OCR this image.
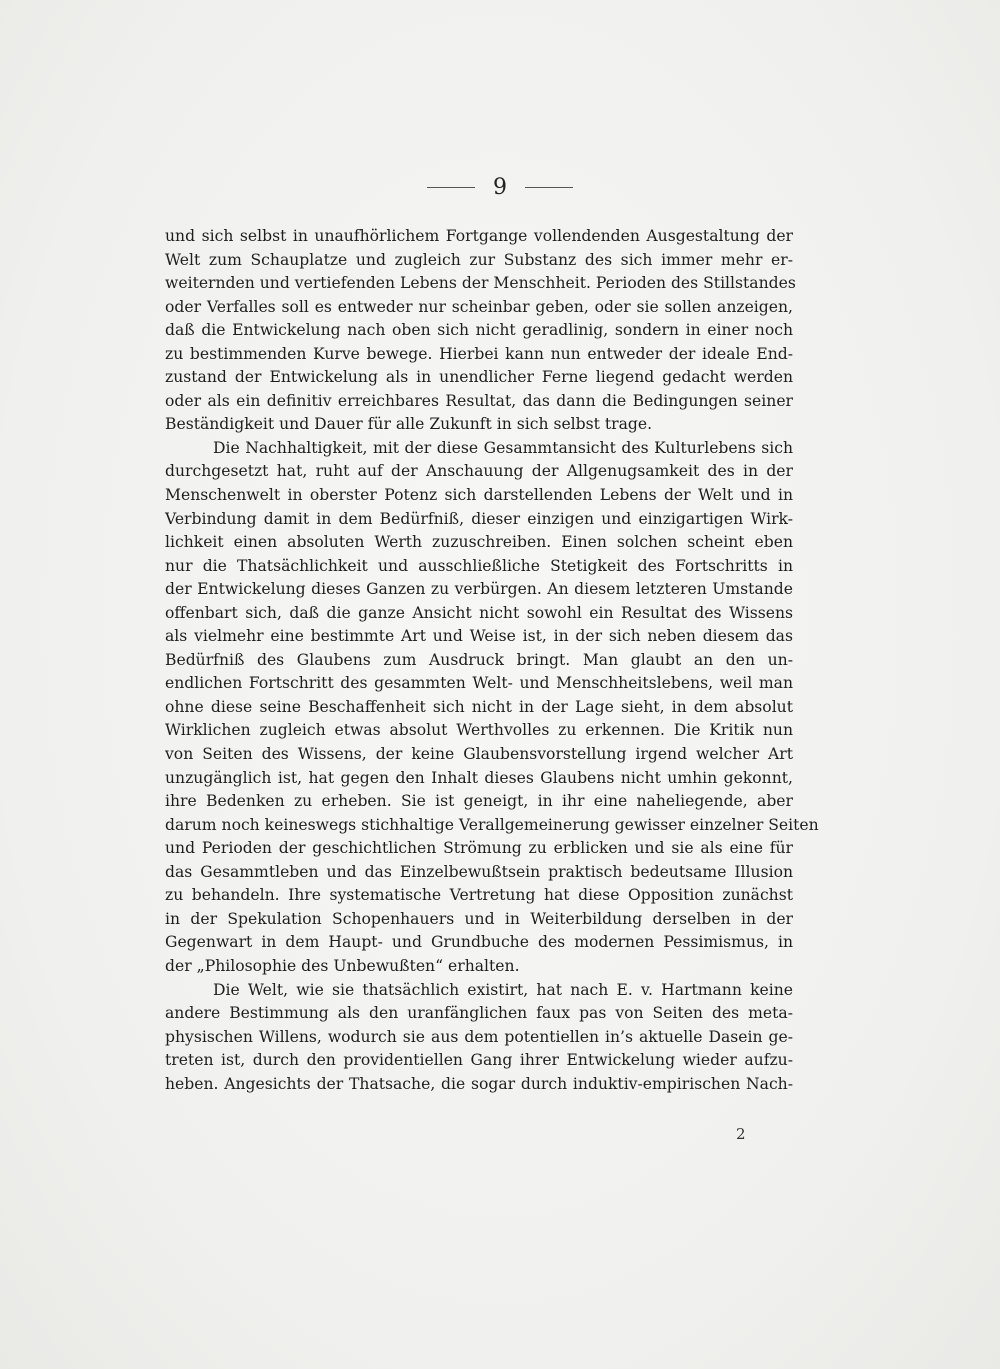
9
und sich selbst in unaufhörlichem Fortgange vollendenden Ausgestaltung der
Welt zum Schauplatze und zugleich zur Substanz des sich immer mehr er-
weiternden und vertiefenden Lebens der Menschheit. Perioden des Stillstandes
oder Verfalles soll es entweder nur scheinbar geben, oder sie sollen anzeigen,
daß die Entwickelung nach oben sich nicht geradlinig, sondern in einer noch
zu bestimmenden Kurve bewege. Hierbei kann nun entweder der ideale End-
zustand der Entwickelung als in unendlicher Ferne liegend gedacht werden
oder als ein definitiv erreichbares Resultat, das dann die Bedingungen seiner
Beständigkeit und Dauer für alle Zukunft in sich selbst trage.
Die Nachhaltigkeit, mit der diese Gesammtansicht des Kulturlebens sich
durchgesetzt hat, ruht auf der Anschauung der Allgenugsamkeit des in der
Menschenwelt in oberster Potenz sich darstellenden Lebens der Welt und in
Verbindung damit in dem Bedürfniß, dieser einzigen und einzigartigen Wirk-
lichkeit einen absoluten Werth zuzuschreiben. Einen solchen scheint eben
nur die Thatsächlichkeit und ausschließliche Stetigkeit des Fortschritts in
der Entwickelung dieses Ganzen zu verbürgen. An diesem letzteren Umstande
offenbart sich, daß die ganze Ansicht nicht sowohl ein Resultat des Wissens
als vielmehr eine bestimmte Art und Weise ist, in der sich neben diesem das
Bedürfniß des Glaubens zum Ausdruck bringt. Man glaubt an den un-
endlichen Fortschritt des gesammten Welt- und Menschheitslebens, weil man
ohne diese seine Beschaffenheit sich nicht in der Lage sieht, in dem absolut
Wirklichen zugleich etwas absolut Werthvolles zu erkennen. Die Kritik nun
von Seiten des Wissens, der keine Glaubensvorstellung irgend welcher Art
unzugänglich ist, hat gegen den Inhalt dieses Glaubens nicht umhin gekonnt,
ihre Bedenken zu erheben. Sie ist geneigt, in ihr eine naheliegende, aber
darum noch keineswegs stichhaltige Verallgemeinerung gewisser einzelner Seiten
und Perioden der geschichtlichen Strömung zu erblicken und sie als eine für
das Gesammtleben und das Einzelbewußtsein praktisch bedeutsame Illusion
zu behandeln. Ihre systematische Vertretung hat diese Opposition zunächst
in der Spekulation Schopenhauers und in Weiterbildung derselben in der
Gegenwart in dem Haupt- und Grundbuche des modernen Pessimismus, in
der „Philosophie des Unbewußten“ erhalten.
Die Welt, wie sie thatsächlich existirt, hat nach E. v. Hartmann keine
andere Bestimmung als den uranfänglichen faux pas von Seiten des meta-
physischen Willens, wodurch sie aus dem potentiellen in’s aktuelle Dasein ge-
treten ist, durch den providentiellen Gang ihrer Entwickelung wieder aufzu-
heben. Angesichts der Thatsache, die sogar durch induktiv-empirischen Nach-
2
